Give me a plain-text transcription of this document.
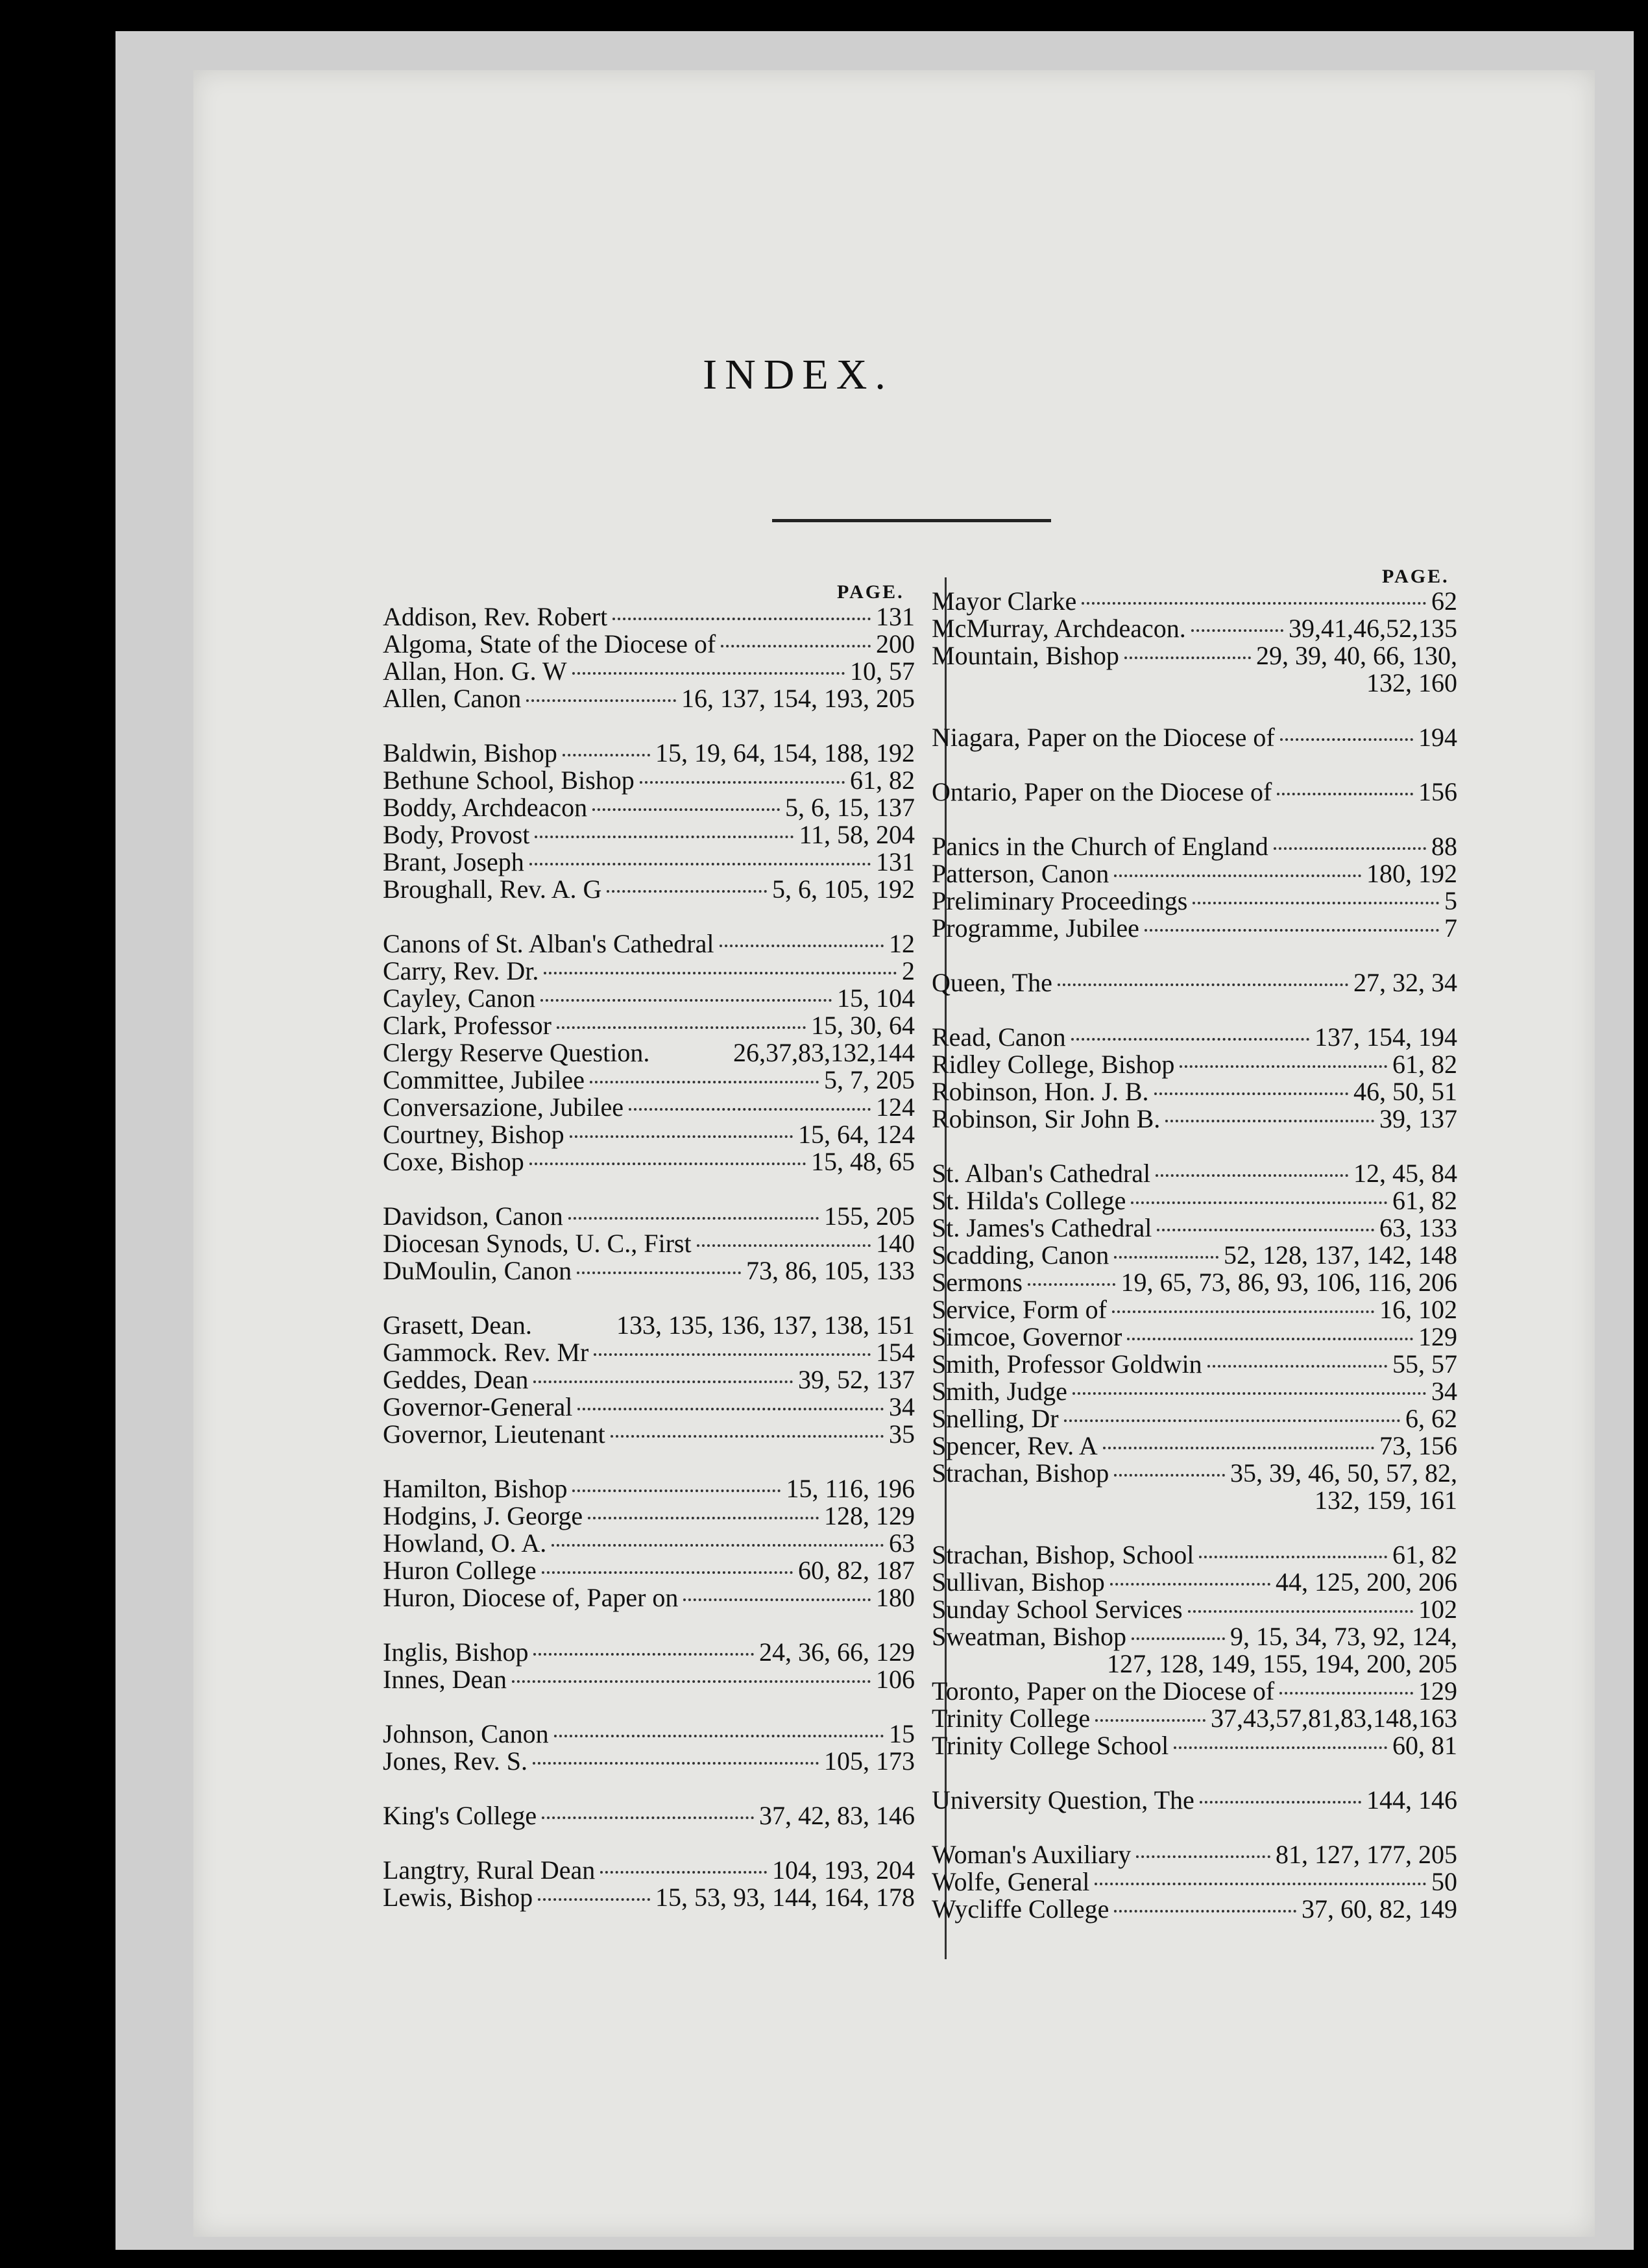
INDEX.
PAGE.
PAGE.
Addison, Rev. Robert	131
Algoma, State of the Diocese of	200
Allan, Hon. G. W	10, 57
Allen, Canon	16, 137, 154, 193, 205
Baldwin, Bishop	15, 19, 64, 154, 188, 192
Bethune School, Bishop	61, 82
Boddy, Archdeacon	5, 6, 15, 137
Body, Provost	11, 58, 204
Brant, Joseph	131
Broughall, Rev. A. G	5, 6, 105, 192
Canons of St. Alban's Cathedral	12
Carry, Rev. Dr.	2
Cayley, Canon	15, 104
Clark, Professor	15, 30, 64
Clergy Reserve Question.	26,37,83,132,144
Committee, Jubilee	5, 7, 205
Conversazione, Jubilee	124
Courtney, Bishop	15, 64, 124
Coxe, Bishop	15, 48, 65
Davidson, Canon	155, 205
Diocesan Synods, U. C., First	140
DuMoulin, Canon	73, 86, 105, 133
Grasett, Dean.	133, 135, 136, 137, 138, 151
Gammock. Rev. Mr	154
Geddes, Dean	39, 52, 137
Governor-General	34
Governor, Lieutenant	35
Hamilton, Bishop	15, 116, 196
Hodgins, J. George	128, 129
Howland, O. A.	63
Huron College	60, 82, 187
Huron, Diocese of, Paper on	180
Inglis, Bishop	24, 36, 66, 129
Innes, Dean	106
Johnson, Canon	15
Jones, Rev. S.	105, 173
King's College	37, 42, 83, 146
Langtry, Rural Dean	104, 193, 204
Lewis, Bishop	15, 53, 93, 144, 164, 178
Mayor Clarke	62
McMurray, Archdeacon.	39,41,46,52,135
Mountain, Bishop	29, 39, 40, 66, 130,
132, 160
Niagara, Paper on the Diocese of	194
Ontario, Paper on the Diocese of	156
Panics in the Church of England	88
Patterson, Canon	180, 192
Preliminary Proceedings	5
Programme, Jubilee	7
Queen, The	27, 32, 34
Read, Canon	137, 154, 194
Ridley College, Bishop	61, 82
Robinson, Hon. J. B.	46, 50, 51
Robinson, Sir John B.	39, 137
St. Alban's Cathedral	12, 45, 84
St. Hilda's College	61, 82
St. James's Cathedral	63, 133
Scadding, Canon	52, 128, 137, 142, 148
Sermons	19, 65, 73, 86, 93, 106, 116, 206
Service, Form of	16, 102
Simcoe, Governor	129
Smith, Professor Goldwin	55, 57
Smith, Judge	34
Snelling, Dr	6, 62
Spencer, Rev. A	73, 156
Strachan, Bishop	35, 39, 46, 50, 57, 82,
132, 159, 161
Strachan, Bishop, School	61, 82
Sullivan, Bishop	44, 125, 200, 206
Sunday School Services	102
Sweatman, Bishop	9, 15, 34, 73, 92, 124,
127, 128, 149, 155, 194, 200, 205
Toronto, Paper on the Diocese of	129
Trinity College	37,43,57,81,83,148,163
Trinity College School	60, 81
University Question, The	144, 146
Woman's Auxiliary	81, 127, 177, 205
Wolfe, General	50
Wycliffe College	37, 60, 82, 149
